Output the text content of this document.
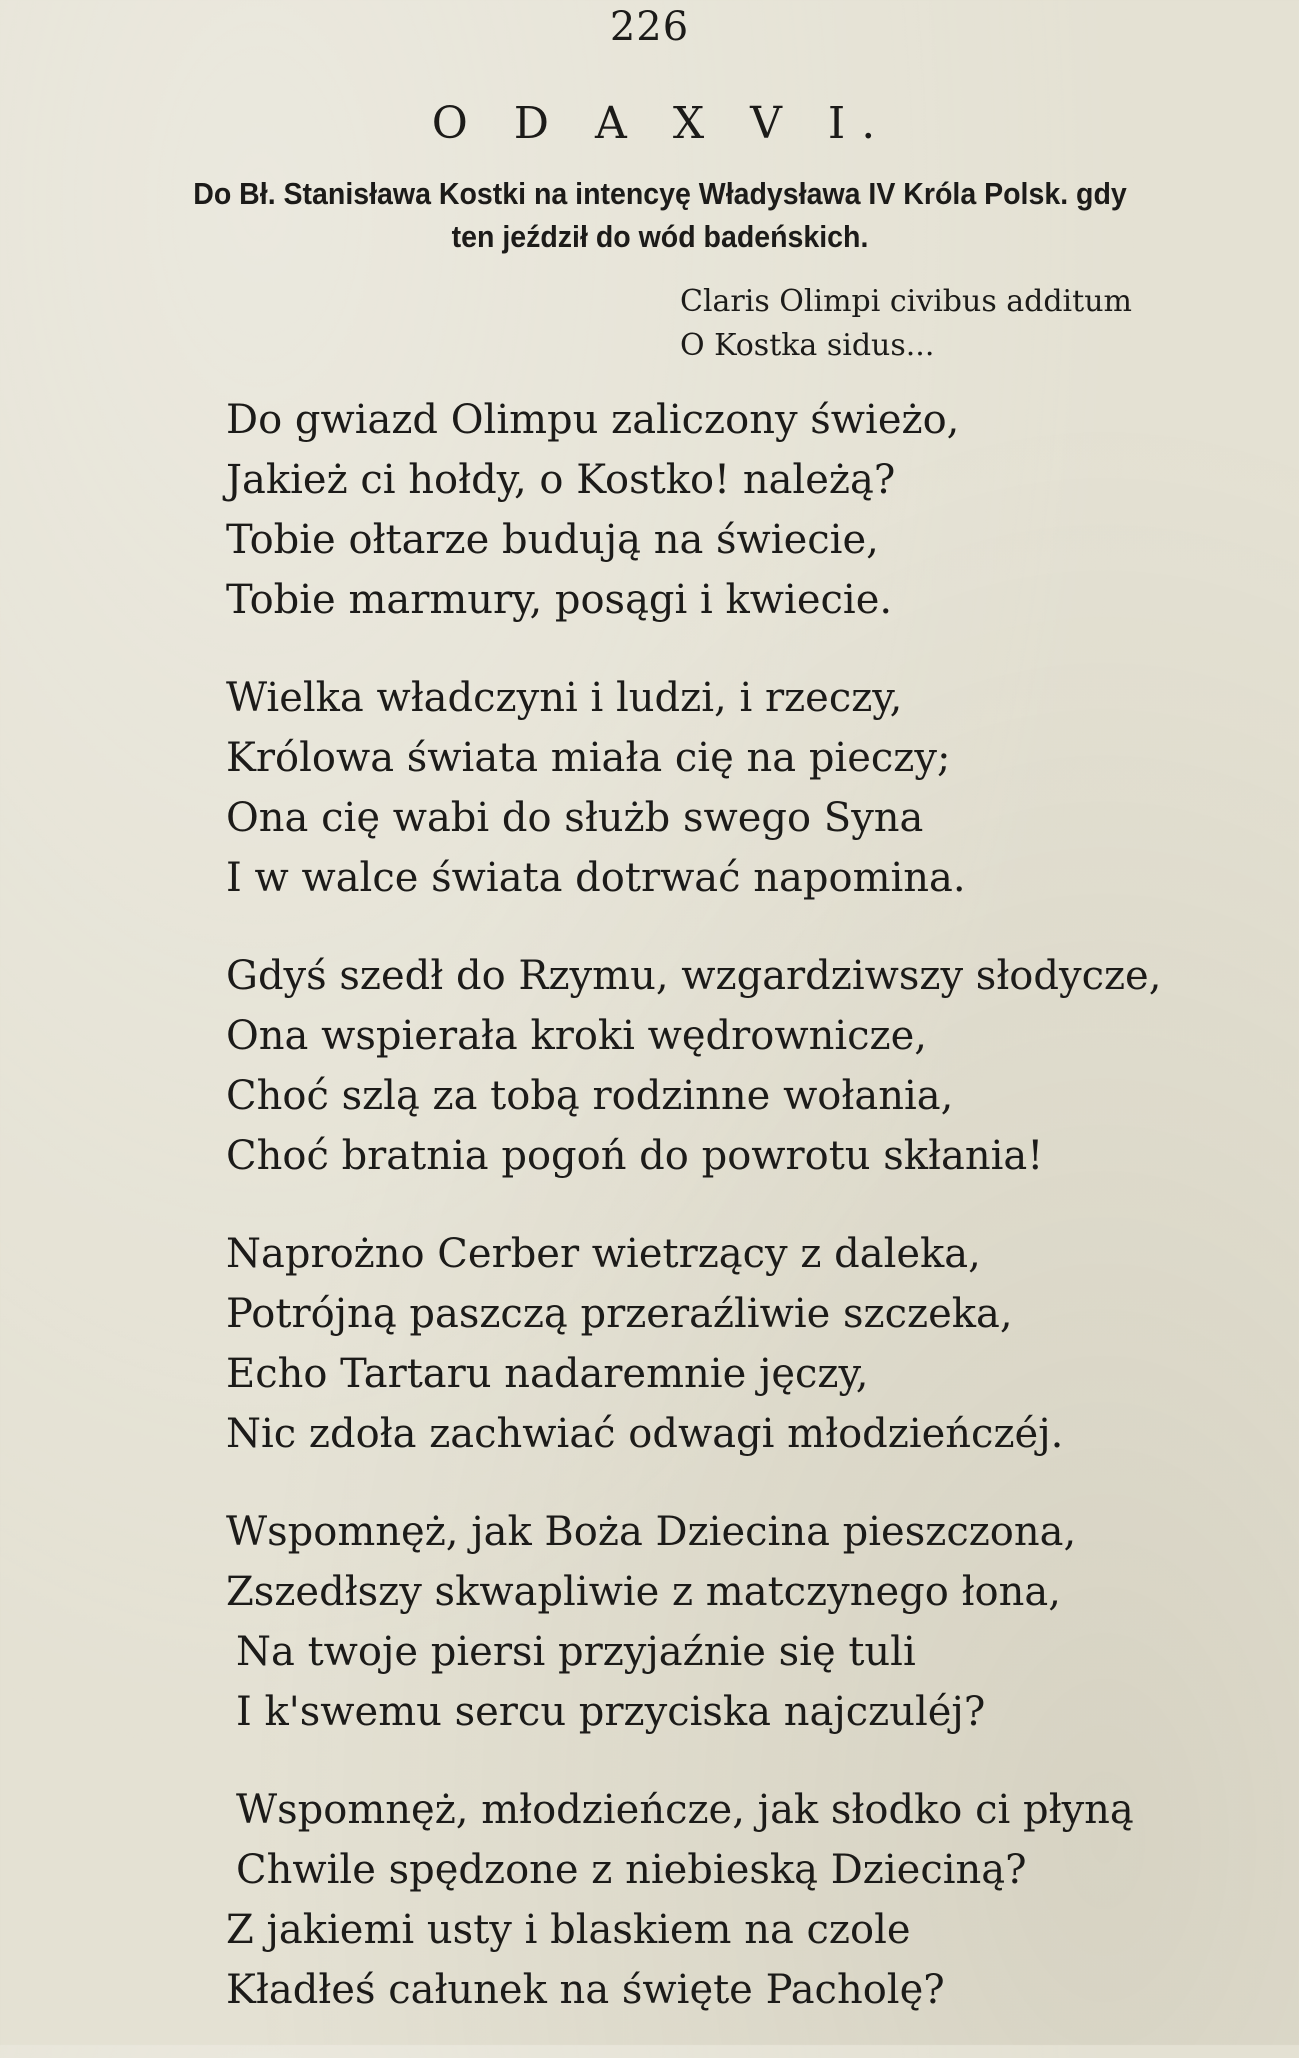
226
O D A X V I.
Do Bł. Stanisława Kostki na intencyę Władysława IV Króla Polsk. gdy
ten jeździł do wód badeńskich.
Claris Olimpi civibus additum
O Kostka sidus...
Do gwiazd Olimpu zaliczony świeżo,
Jakież ci hołdy, o Kostko! należą?
Tobie ołtarze budują na świecie,
Tobie marmury, posągi i kwiecie.
Wielka władczyni i ludzi, i rzeczy,
Królowa świata miała cię na pieczy;
Ona cię wabi do służb swego Syna
I w walce świata dotrwać napomina.
Gdyś szedł do Rzymu, wzgardziwszy słodycze,
Ona wspierała kroki wędrownicze,
Choć szlą za tobą rodzinne wołania,
Choć bratnia pogoń do powrotu skłania!
Naprożno Cerber wietrzący z daleka,
Potrójną paszczą przeraźliwie szczeka,
Echo Tartaru nadaremnie jęczy,
Nic zdoła zachwiać odwagi młodzieńczéj.
Wspomnęż, jak Boża Dziecina pieszczona,
Zszedłszy skwapliwie z matczynego łona,
Na twoje piersi przyjaźnie się tuli
I k'swemu sercu przyciska najczuléj?
Wspomnęż, młodzieńcze, jak słodko ci płyną
Chwile spędzone z niebieską Dzieciną?
Z jakiemi usty i blaskiem na czole
Kładłeś całunek na święte Pacholę?
